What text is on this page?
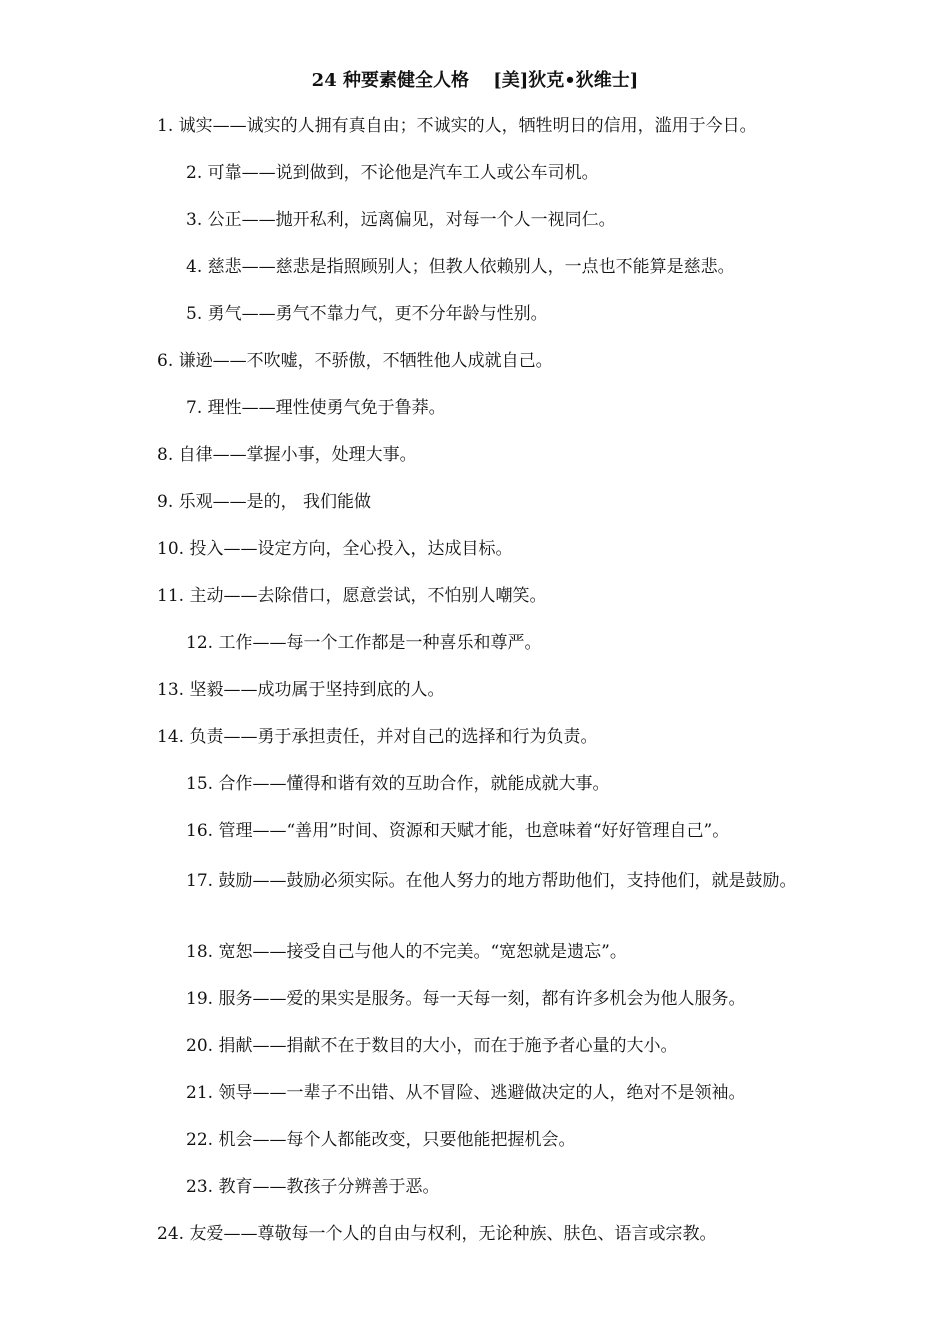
24 种要素健全人格 　[美]狄克•狄维士]
1. 诚实——诚实的人拥有真自由；不诚实的人，牺牲明日的信用，滥用于今日。
2. 可靠——说到做到，不论他是汽车工人或公车司机。
3. 公正——抛开私利，远离偏见，对每一个人一视同仁。
4. 慈悲——慈悲是指照顾别人；但教人依赖别人，一点也不能算是慈悲。
5. 勇气——勇气不靠力气，更不分年龄与性别。
6. 谦逊——不吹嘘，不骄傲，不牺牲他人成就自己。
7. 理性——理性使勇气免于鲁莽。
8. 自律——掌握小事，处理大事。
9. 乐观——是的， 我们能做
10. 投入——设定方向，全心投入，达成目标。
11. 主动——去除借口，愿意尝试，不怕别人嘲笑。
12. 工作——每一个工作都是一种喜乐和尊严。
13. 坚毅——成功属于坚持到底的人。
14. 负责——勇于承担责任，并对自己的选择和行为负责。
15. 合作——懂得和谐有效的互助合作，就能成就大事。
16. 管理——“善用”时间、资源和天赋才能，也意味着“好好管理自己”。
17. 鼓励——鼓励必须实际。在他人努力的地方帮助他们，支持他们，就是鼓励。
18. 宽恕——接受自己与他人的不完美。“宽恕就是遗忘”。
19. 服务——爱的果实是服务。每一天每一刻，都有许多机会为他人服务。
20. 捐献——捐献不在于数目的大小，而在于施予者心量的大小。
21. 领导——一辈子不出错、从不冒险、逃避做决定的人，绝对不是领袖。
22. 机会——每个人都能改变，只要他能把握机会。
23. 教育——教孩子分辨善于恶。
24. 友爱——尊敬每一个人的自由与权利，无论种族、肤色、语言或宗教。
